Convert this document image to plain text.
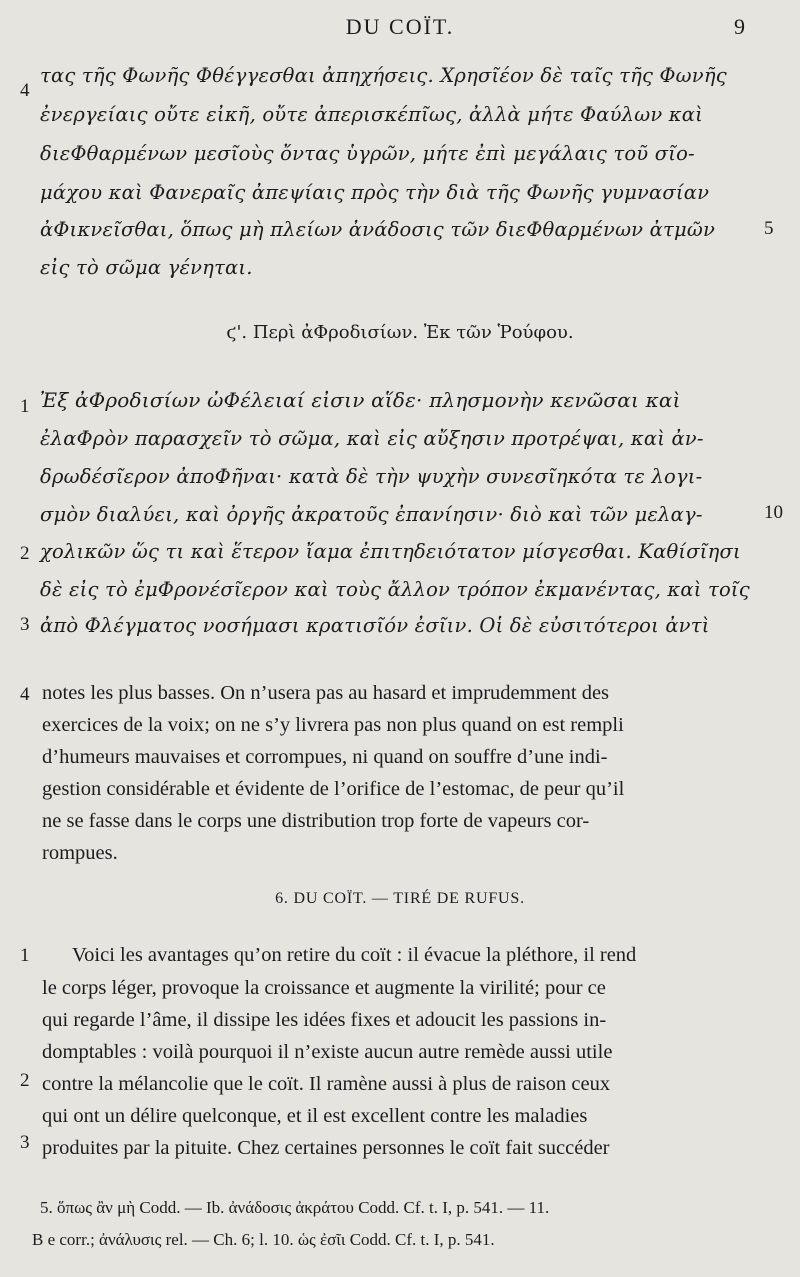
DU COÏT.	9
4
τας τῆς Φωνῆς Φθέγγεσθαι ἀπηχήσεις. Χρησῖέον δὲ ταῖς τῆς Φωνῆς
ἐνεργείαις οὔτε εἰκῆ, οὔτε ἀπερισκέπῖως, ἀλλὰ μήτε Φαύλων καὶ
διεΦθαρμένων μεσῖοὺς ὄντας ὑγρῶν, μήτε ἐπὶ μεγάλαις τοῦ σῖο-
μάχου καὶ Φανεραῖς ἀπεψίαις πρὸς τὴν διὰ τῆς Φωνῆς γυμνασίαν
ἀΦικνεῖσθαι, ὅπως μὴ πλείων ἀνάδοσις τῶν διεΦθαρμένων ἀτμῶν	5
εἰς τὸ σῶμα γένηται.
ϛ'. Περὶ ἀΦροδισίων. Ἐκ τῶν Ῥούφου.
1 Ἐξ ἀΦροδισίων ὠΦέλειαί εἰσιν αἵδε· πλησμονὴν κενῶσαι καὶ
ἐλαΦρὸν παρασχεῖν τὸ σῶμα, καὶ εἰς αὔξησιν προτρέψαι, καὶ ἀν-
δρωδέσῖερον ἀποΦῆναι· κατὰ δὲ τὴν ψυχὴν συνεσῖηκότα τε λογι-
σμὸν διαλύει, καὶ ὀργῆς ἀκρατοῦς ἐπανίησιν· διὸ καὶ τῶν μελαγ-	10
2 χολικῶν ὥς τι καὶ ἕτερον ἴαμα ἐπιτηδειότατον μίσγεσθαι. Καθίσῖησι
δὲ εἰς τὸ ἐμΦρονέσῖερον καὶ τοὺς ἄλλον τρόπον ἐκμανέντας, καὶ τοῖς
3 ἀπὸ Φλέγματος νοσήμασι κρατισῖόν ἐσῖιν. Οἱ δὲ εὐσιτότεροι ἀντὶ
4 notes les plus basses. On n’usera pas au hasard et imprudemment des
exercices de la voix; on ne s’y livrera pas non plus quand on est rempli
d’humeurs mauvaises et corrompues, ni quand on souffre d’une indi-
gestion considérable et évidente de l’orifice de l’estomac, de peur qu’il
ne se fasse dans le corps une distribution trop forte de vapeurs cor-
rompues.
6. DU COÏT. — TIRÉ DE RUFUS.
1 Voici les avantages qu’on retire du coït : il évacue la pléthore, il rend
le corps léger, provoque la croissance et augmente la virilité; pour ce
qui regarde l’âme, il dissipe les idées fixes et adoucit les passions in-
domptables : voilà pourquoi il n’existe aucun autre remède aussi utile
2 contre la mélancolie que le coït. Il ramène aussi à plus de raison ceux
qui ont un délire quelconque, et il est excellent contre les maladies
3 produites par la pituite. Chez certaines personnes le coït fait succéder
5. ὅπως ἂν μὴ Codd. — Ib. ἀνάδοσις ἀκράτου Codd. Cf. t. I, p. 541. — 11.
B e corr.; ἀνάλυσις rel. — Ch. 6; l. 10. ὡς ἐσῖι Codd. Cf. t. I, p. 541.
